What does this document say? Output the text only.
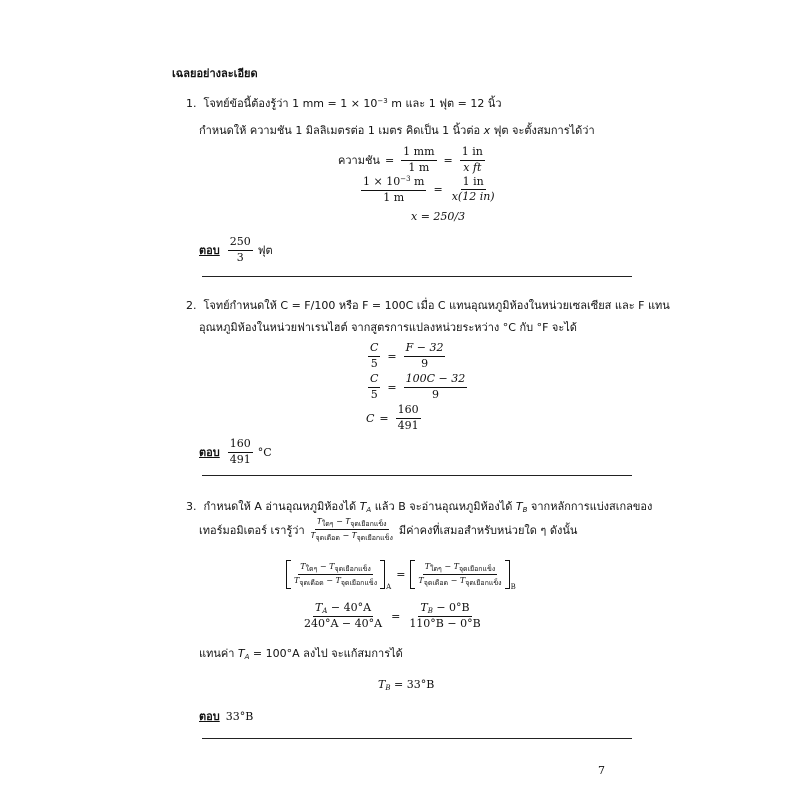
เฉลยอย่างละเอียด
1. โจทย์ข้อนี้ต้องรู้ว่า 1 mm = $1 \times 10^{-3}$ m และ 1 ฟุต = 12 นิ้ว
กำหนดให้ ความชัน 1 มิลลิเมตรต่อ 1 เมตร คิดเป็น 1 นิ้วต่อ x ฟุต จะตั้งสมการได้ว่า
ความชัน = $\frac{1 mm}{1 m} = \frac{1 in}{\text{x ft}}$
$\frac{1 \times 10^{-3} m}{1 m} = \frac{1 in}{x(12 in)}$
x = 250/3
ตอบ $\frac{250}{3}$ ฟุต
2. โจทย์กำหนดให้ C = F/100 หรือ F = 100C เมื่อ C แทนอุณหภูมิห้องในหน่วยเซลเซียส และ F แทน
อุณหภูมิห้องในหน่วยฟาเรนไฮต์ จากสูตรการแปลงหน่วยระหว่าง °C กับ °F จะได้
$\frac{C}{5} = \frac{F - 32}{9}$
$\frac{C}{5} = \frac{100C - 32}{9}$
$C = \frac{160}{491}$
ตอบ $\frac{160}{491} ^\circ C$
3. กำหนดให้ A อ่านอุณหภูมิห้องได้ $T_A$ แล้ว B จะอ่านอุณหภูมิห้องได้ $T_B$ จากหลักการแบ่งสเกลของ
เทอร์มอมิเตอร์ เรารู้ว่า $\frac{\text{Tใดๆ − Tจุดเยือกแข็ง}}{\text{Tจุดเดือด − Tจุดเยือกแข็ง}}$ มีค่าคงที่เสมอสำหรับหน่วยใด ๆ ดังนั้น
$\frac{\text{Tใดๆ − Tจุดเยือกแข็ง}}{\text{Tจุดเดือด − Tจุดเยือกแข็ง}}$ A
= $\frac{\text{Tใดๆ − Tจุดเยือกแข็ง}}{\text{Tจุดเดือด − Tจุดเยือกแข็ง}}$ B
$\frac{T_A - 40^\circ A}{240^\circ A - 40^\circ A} = \frac{T_B - 0^\circ B}{110^\circ B - 0^\circ B}$
แทนค่า $T_A = 100^\circ A$ ลงไป จะแก้สมการได้
$T_B = 33^\circ B$
ตอบ 33°B
7
